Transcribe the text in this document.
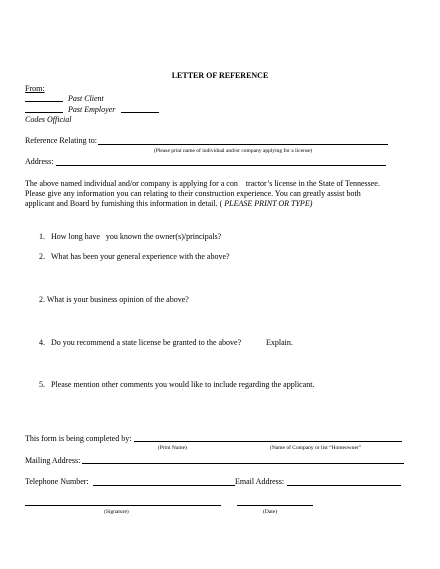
LETTER OF REFERENCE
From:
Past Client
Past Employer
Codes Official
Reference Relating to:
(Please print name of individual and/or company applying for a license)
Address:
The above named individual and/or company is applying for a con    tractor’s license in the State of Tennessee.
Please give any information you can relating to their construction experience. You can greatly assist both
applicant and Board by furnishing this information in detail. ( PLEASE PRINT OR TYPE)
1.   How long have   you known the owner(s)/principals?
2.   What has been your general experience with the above?
2. What is your business opinion of the above?
4.   Do you recommend a state license be granted to the above?	Explain.
5.   Please mention other comments you would like to include regarding the applicant.
This form is being completed by:
(Print Name)	(Name of Company or list “Homeowner”
Mailing Address:
Telephone Number:	Email Address:
(Signature)	(Date)
